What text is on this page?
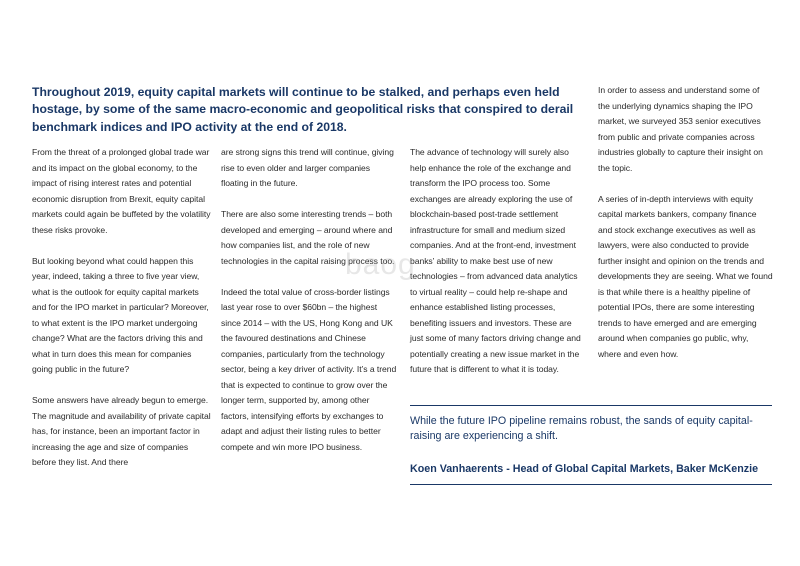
Throughout 2019, equity capital markets will continue to be stalked, and perhaps even held hostage, by some of the same macro-economic and geopolitical risks that conspired to derail benchmark indices and IPO activity at the end of 2018.

From the threat of a prolonged global trade war and its impact on the global economy, to the impact of rising interest rates and potential economic disruption from Brexit, equity capital markets could again be buffeted by the volatility these risks provoke.

But looking beyond what could happen this year, indeed, taking a three to five year view, what is the outlook for equity capital markets and for the IPO market in particular? Moreover, to what extent is the IPO market undergoing change? What are the factors driving this and what in turn does this mean for companies going public in the future?

Some answers have already begun to emerge. The magnitude and availability of private capital has, for instance, been an important factor in increasing the age and size of companies before they list. And there

are strong signs this trend will continue, giving rise to even older and larger companies floating in the future.

There are also some interesting trends – both developed and emerging – around where and how companies list, and the role of new technologies in the capital raising process too.

Indeed the total value of cross-border listings last year rose to over $60bn – the highest since 2014 – with the US, Hong Kong and UK the favoured destinations and Chinese companies, particularly from the technology sector, being a key driver of activity. It’s a trend that is expected to continue to grow over the longer term, supported by, among other factors, intensifying efforts by exchanges to adapt and adjust their listing rules to better compete and win more IPO business.

The advance of technology will surely also help enhance the role of the exchange and transform the IPO process too. Some exchanges are already exploring the use of blockchain-based post-trade settlement infrastructure for small and medium sized companies. And at the front-end, investment banks’ ability to make best use of new technologies – from advanced data analytics to virtual reality – could help re-shape and enhance established listing processes, benefiting issuers and investors. These are just some of many factors driving change and potentially creating a new issue market in the future that is different to what it is today.

In order to assess and understand some of the underlying dynamics shaping the IPO market, we surveyed 353 senior executives from public and private companies across industries globally to capture their insight on the topic.

A series of in-depth interviews with equity capital markets bankers, company finance and stock exchange executives as well as lawyers, were also conducted to provide further insight and opinion on the trends and developments they are seeing. What we found is that while there is a healthy pipeline of potential IPOs, there are some interesting trends to have emerged and are emerging around when companies go public, why, where and even how.

While the future IPO pipeline remains robust, the sands of equity capital-raising are experiencing a shift.

Koen Vanhaerents - Head of Global Capital Markets, Baker McKenzie

baog
